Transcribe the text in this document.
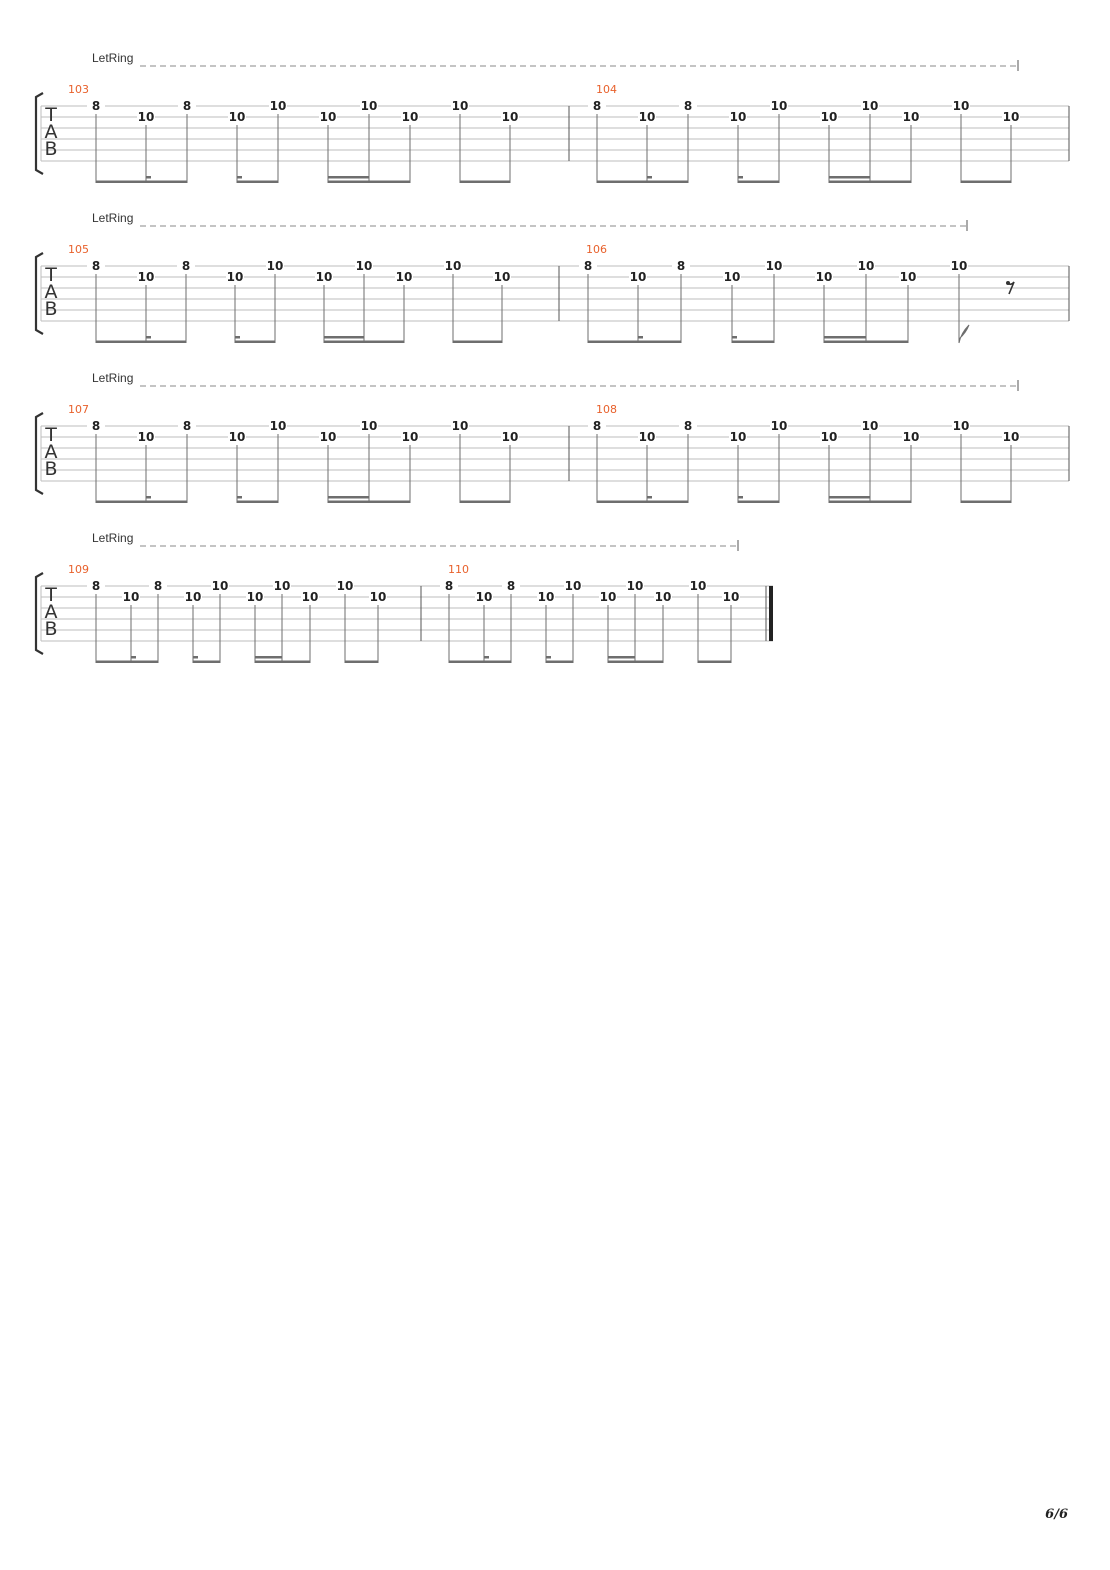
LetRing
T
A
B
103
8
10
8
10
10
10
10
10
10
10
104
8
10
8
10
10
10
10
10
10
10
LetRing
T
A
B
105
8
10
8
10
10
10
10
10
10
10
106
8
10
8
10
10
10
10
10
10
LetRing
T
A
B
107
8
10
8
10
10
10
10
10
10
10
108
8
10
8
10
10
10
10
10
10
10
LetRing
T
A
B
109
8
10
8
10
10
10
10
10
10
10
110
8
10
8
10
10
10
10
10
10
10
6/6
